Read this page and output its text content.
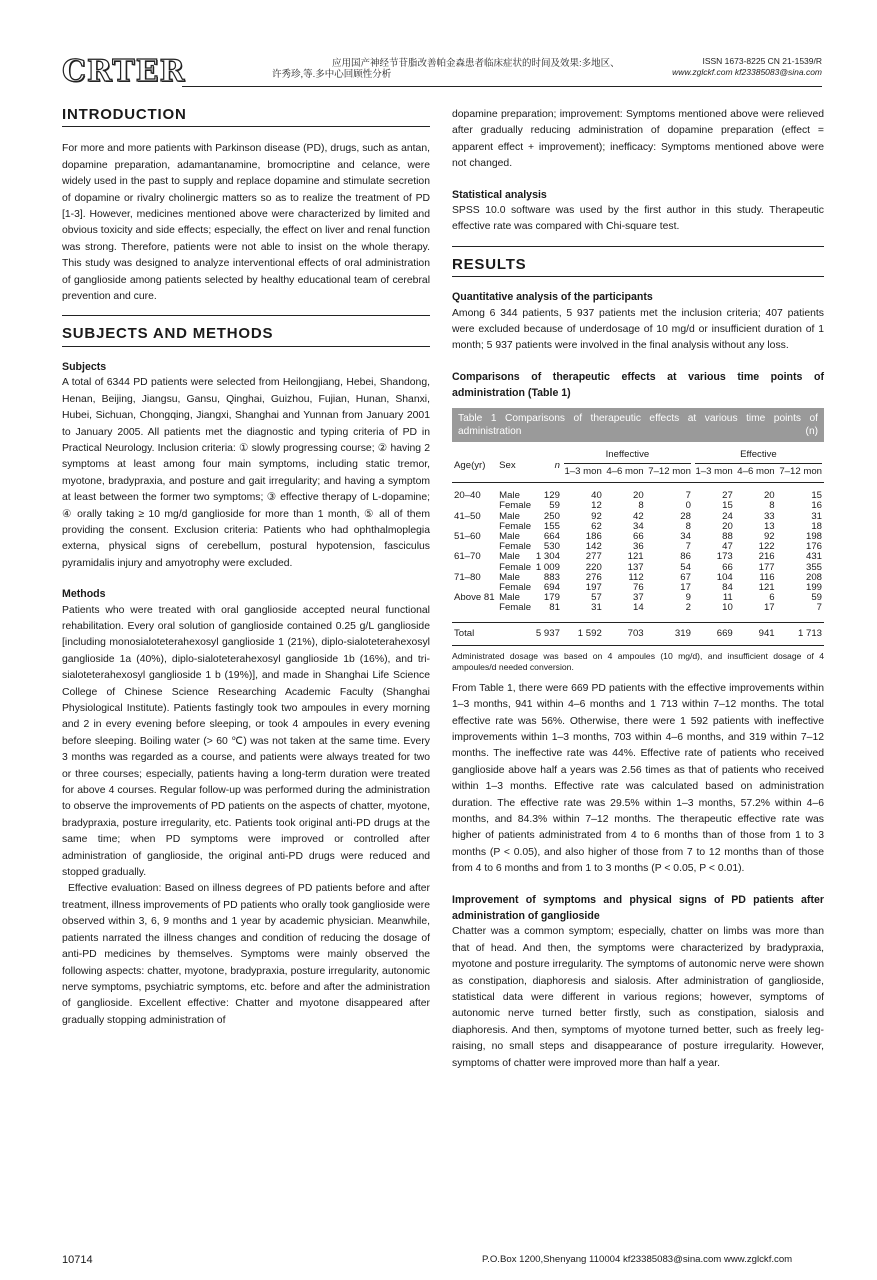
CRTER	应用国产神经节苷脂改善帕金森患者临床症状的时间及效果:多地区、
许秀珍,等.多中心回顾性分析
ISSN 1673-8225 CN 21-1539/R
www.zglckf.com kf23385083@sina.com
INTRODUCTION

For more and more patients with Parkinson disease (PD), drugs, such as antan, dopamine preparation, adamantanamine, bromocriptine and celance, were widely used in the past to supply and replace dopamine and stimulate secretion of dopamine or rivalry cholinergic matters so as to realize the treatment of PD [1-3]. However, medicines mentioned above were characterized by limited and obvious toxicity and side effects; especially, the effect on liver and renal function was strong. Therefore, patients were not able to insist on the whole therapy. This study was designed to analyze interventional effects of oral administration of ganglioside among patients selected by healthy educational team of cerebral prevention and cure.

SUBJECTS AND METHODS

Subjects

A total of 6344 PD patients were selected from Heilongjiang, Hebei, Shandong, Henan, Beijing, Jiangsu, Gansu, Qinghai, Guizhou, Fujian, Hunan, Shanxi, Hubei, Sichuan, Chongqing, Jiangxi, Shanghai and Yunnan from January 2001 to January 2005. All patients met the diagnostic and typing criteria of PD in Practical Neurology. Inclusion criteria: ① slowly progressing course; ② having 2 symptoms at least among four main symptoms, including static tremor, myotone, bradypraxia, and posture and gait irregularity; and having a symptom at least between the former two symptoms; ③ effective therapy of L-dopamine; ④ orally taking ≥ 10 mg/d ganglioside for more than 1 month, ⑤ all of them providing the consent. Exclusion criteria: Patients who had ophthalmoplegia externa, physical signs of cerebellum, postural hypotension, fasciculus pyramidalis injury and amyotrophy were excluded.

Methods

Patients who were treated with oral ganglioside accepted neural functional rehabilitation. Every oral solution of ganglioside contained 0.25 g/L ganglioside [including monosialoteterahexosyl ganglioside 1 (21%), diplo-sialoteterahexosyl ganglioside 1a (40%), diplo-sialoteterahexosyl ganglioside 1b (16%), and tri-sialoteterahexosyl ganglioside 1 b (19%)], and made in Shanghai Life Science College of Chinese Science Researching Academic Faculty (Shanghai Physiological Institute). Patients fastingly took two ampoules in every morning and 2 in every evening before sleeping, or took 4 ampoules in every evening before sleeping. Boiling water (> 60 ℃) was not taken at the same time. Every 3 months was regarded as a course, and patients were always treated for two or three courses; especially, patients having a long-term duration were treated for above 4 courses. Regular follow-up was performed during the administration to observe the improvements of PD patients on the aspects of chatter, myotone, bradypraxia, posture irregularity, etc. Patients took original anti-PD drugs at the same time; when PD symptoms were improved or controlled after administration of ganglioside, the original anti-PD drugs were reduced and stopped gradually.

Effective evaluation: Based on illness degrees of PD patients before and after treatment, illness improvements of PD patients who orally took ganglioside were observed within 3, 6, 9 months and 1 year by academic physician. Meanwhile, patients narrated the illness changes and condition of reducing the dosage of anti-PD medicines by themselves. Symptoms were mainly observed the following aspects: chatter, myotone, bradypraxia, posture irregularity, autonomic nerve symptoms, psychiatric symptoms, etc. before and after the administration of ganglioside. Excellent effective: Chatter and myotone disappeared after gradually stopping administration of

dopamine preparation; improvement: Symptoms mentioned above were relieved after gradually reducing administration of dopamine preparation (effect = apparent effect + improvement); inefficacy: Symptoms mentioned above were not changed.

Statistical analysis

SPSS 10.0 software was used by the first author in this study. Therapeutic effective rate was compared with Chi-square test.

RESULTS

Quantitative analysis of the participants

Among 6 344 patients, 5 937 patients met the inclusion criteria; 407 patients were excluded because of underdosage of 10 mg/d or insufficient duration of 1 month; 5 937 patients were involved in the final analysis without any loss.

Comparisons of therapeutic effects at various time points of administration (Table 1)

Table 1 Comparisons of therapeutic effects at various time points of administration	(n)
Age(yr)	Sex	n	Ineffective			Effective		
			1–3 mon	4–6 mon	7–12 mon	1–3 mon	4–6 mon	7–12 mon
20–40	Male	129	40	20	7	27	20	15
	Female	59	12	8	0	15	8	16
41–50	Male	250	92	42	28	24	33	31
	Female	155	62	34	8	20	13	18
51–60	Male	664	186	66	34	88	92	198
	Female	530	142	36	7	47	122	176
61–70	Male	1 304	277	121	86	173	216	431
	Female	1 009	220	137	54	66	177	355
71–80	Male	883	276	112	67	104	116	208
	Female	694	197	76	17	84	121	199
Above 81	Male	179	57	37	9	11	6	59
	Female	81	31	14	2	10	17	7
Total		5 937	1 592	703	319	669	941	1 713
Administrated dosage was based on 4 ampoules (10 mg/d), and insufficient dosage of 4 ampoules/d needed conversion.

From Table 1, there were 669 PD patients with the effective improvements within 1–3 months, 941 within 4–6 months and 1 713 within 7–12 months. The total effective rate was 56%. Otherwise, there were 1 592 patients with ineffective improvements within 1–3 months, 703 within 4–6 months, and 319 within 7–12 months. The ineffective rate was 44%. Effective rate of patients who received ganglioside above half a years was 2.56 times as that of patients who received within 1–3 months. Effective rate was calculated based on administration duration. The effective rate was 29.5% within 1–3 months, 57.2% within 4–6 months, and 84.3% within 7–12 months. The therapeutic effective rate was higher of patients administrated from 4 to 6 months than of those from 1 to 3 months (P < 0.05), and also higher of those from 7 to 12 months than of those from 4 to 6 months and from 1 to 3 months (P < 0.05, P < 0.01).

Improvement of symptoms and physical signs of PD patients after administration of ganglioside

Chatter was a common symptom; especially, chatter on limbs was more than that of head. And then, the symptoms were characterized by bradypraxia, myotone and posture irregularity. The symptoms of autonomic nerve were shown as constipation, diaphoresis and sialosis. After administration of ganglioside, statistical data were different in various regions; however, symptoms of autonomic nerve turned better firstly, such as constipation, sialosis and diaphoresis. And then, symptoms of myotone turned better, such as freely leg-raising, no small steps and disappearance of posture irregularity. However, symptoms of chatter were improved more than half a year.

10714	P.O.Box 1200,Shenyang 110004 kf23385083@sina.com www.zglckf.com
